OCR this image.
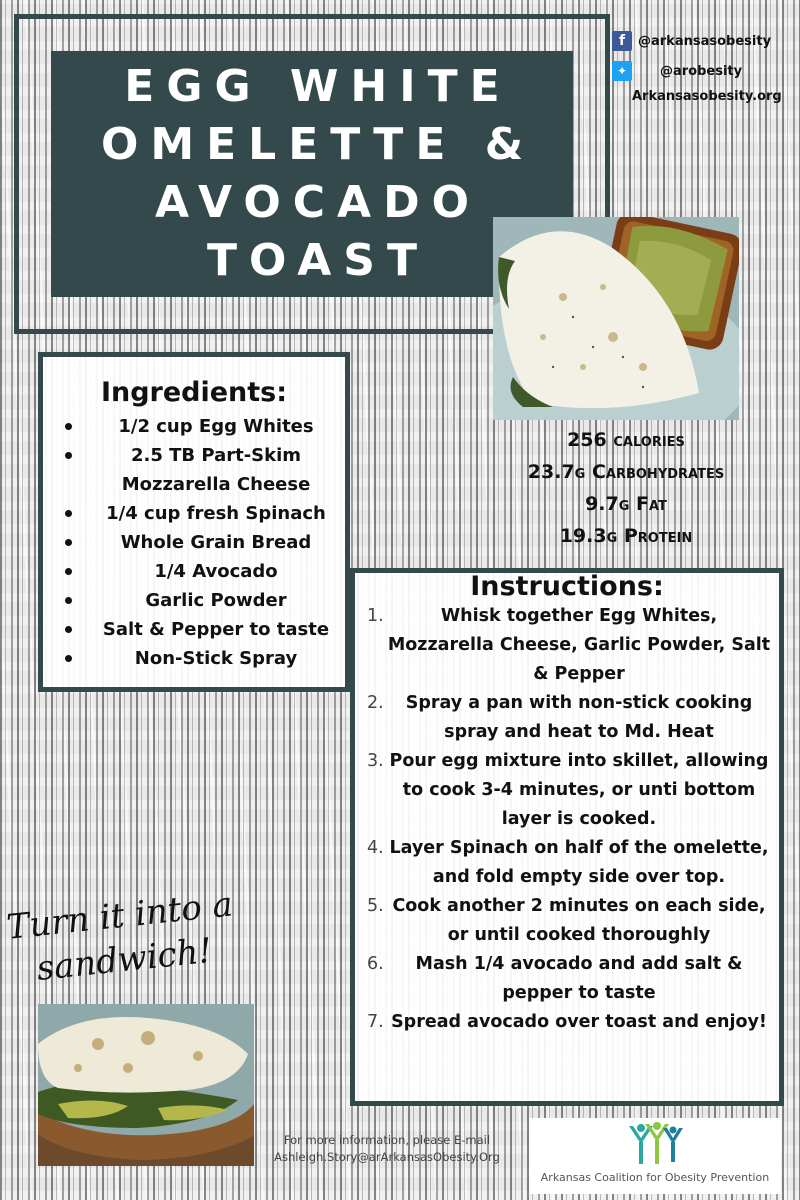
EGG WHITE
OMELETTE &
AVOCADO
TOAST
f @arkansasobesity
✦	@arobesity
Arkansasobesity.org
256 calories
23.7g Carbohydrates
9.7g Fat
19.3g Protein
Ingredients:
1/2 cup Egg Whites
2.5 TB Part-Skim Mozzarella Cheese
1/4 cup fresh Spinach
Whole Grain Bread
1/4 Avocado
Garlic Powder
Salt & Pepper to taste
Non-Stick Spray
Instructions:
1.	Whisk together Egg Whites, Mozzarella Cheese, Garlic Powder, Salt & Pepper
2. Spray a pan with non-stick cooking spray and heat to Md. Heat
3. Pour egg mixture into skillet, allowing to cook 3-4 minutes, or unti bottom layer is cooked.
4. Layer Spinach on half of the omelette, and fold empty side over top.
5. Cook another 2 minutes on each side, or until cooked thoroughly
6. Mash 1/4 avocado and add salt & pepper to taste
7. Spread avocado over toast and enjoy!
Turn it into a
sandwich!
For more information, please E-mail
Ashleigh.Story@arArkansasObesity.Org
Arkansas Coalition for Obesity Prevention
